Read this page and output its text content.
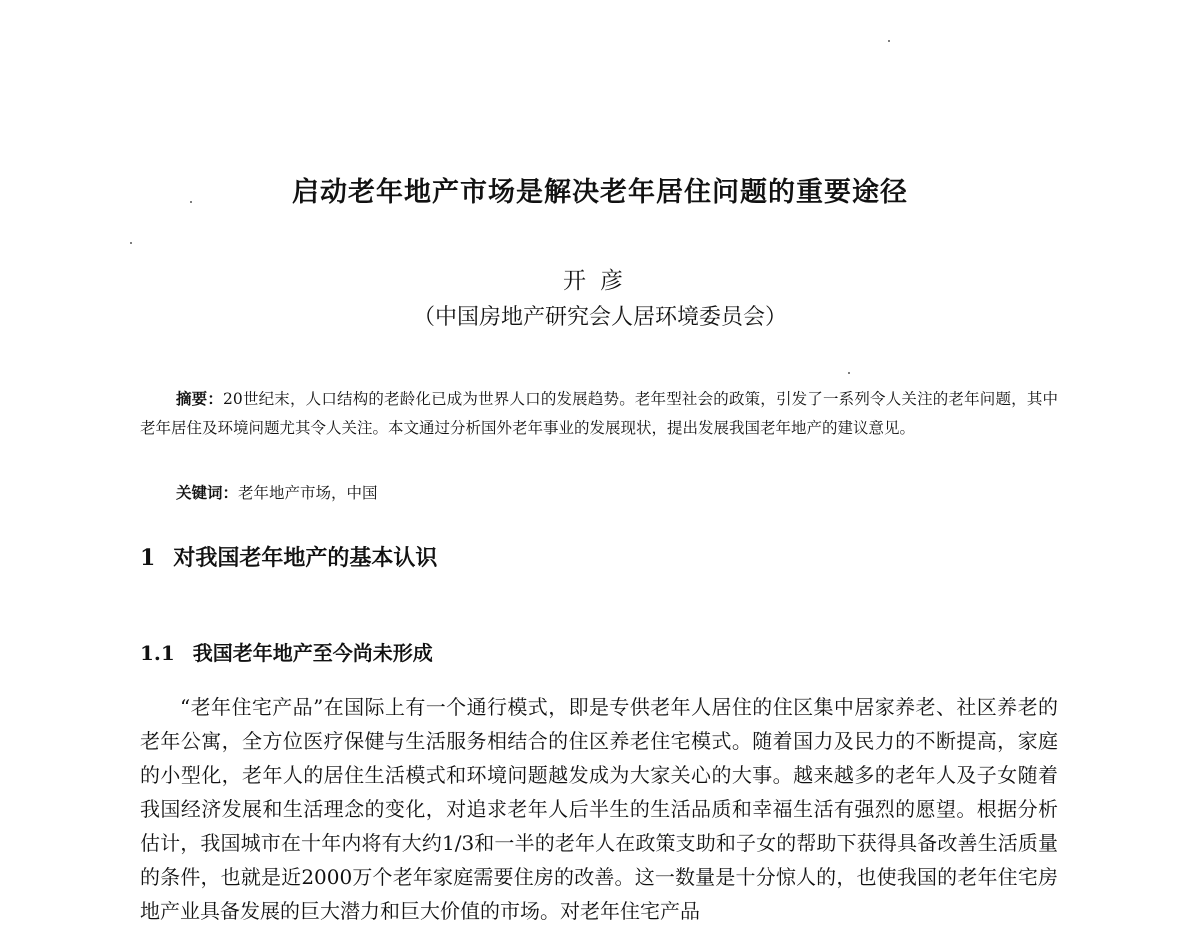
启动老年地产市场是解决老年居住问题的重要途径

开彦

（中国房地产研究会人居环境委员会）

摘要：20世纪末，人口结构的老龄化已成为世界人口的发展趋势。老年型社会的政策，引发了一系列令人关注的老年问题，其中老年居住及环境问题尤其令人关注。本文通过分析国外老年事业的发展现状，提出发展我国老年地产的建议意见。

关键词：老年地产市场，中国

1 对我国老年地产的基本认识
1.1 我国老年地产至今尚未形成

“老年住宅产品”在国际上有一个通行模式，即是专供老年人居住的住区集中居家养老、社区养老的老年公寓，全方位医疗保健与生活服务相结合的住区养老住宅模式。随着国力及民力的不断提高，家庭的小型化，老年人的居住生活模式和环境问题越发成为大家关心的大事。越来越多的老年人及子女随着我国经济发展和生活理念的变化，对追求老年人后半生的生活品质和幸福生活有强烈的愿望。根据分析估计，我国城市在十年内将有大约1/3和一半的老年人在政策支助和子女的帮助下获得具备改善生活质量的条件，也就是近2000万个老年家庭需要住房的改善。这一数量是十分惊人的，也使我国的老年住宅房地产业具备发展的巨大潜力和巨大价值的市场。对老年住宅产品
